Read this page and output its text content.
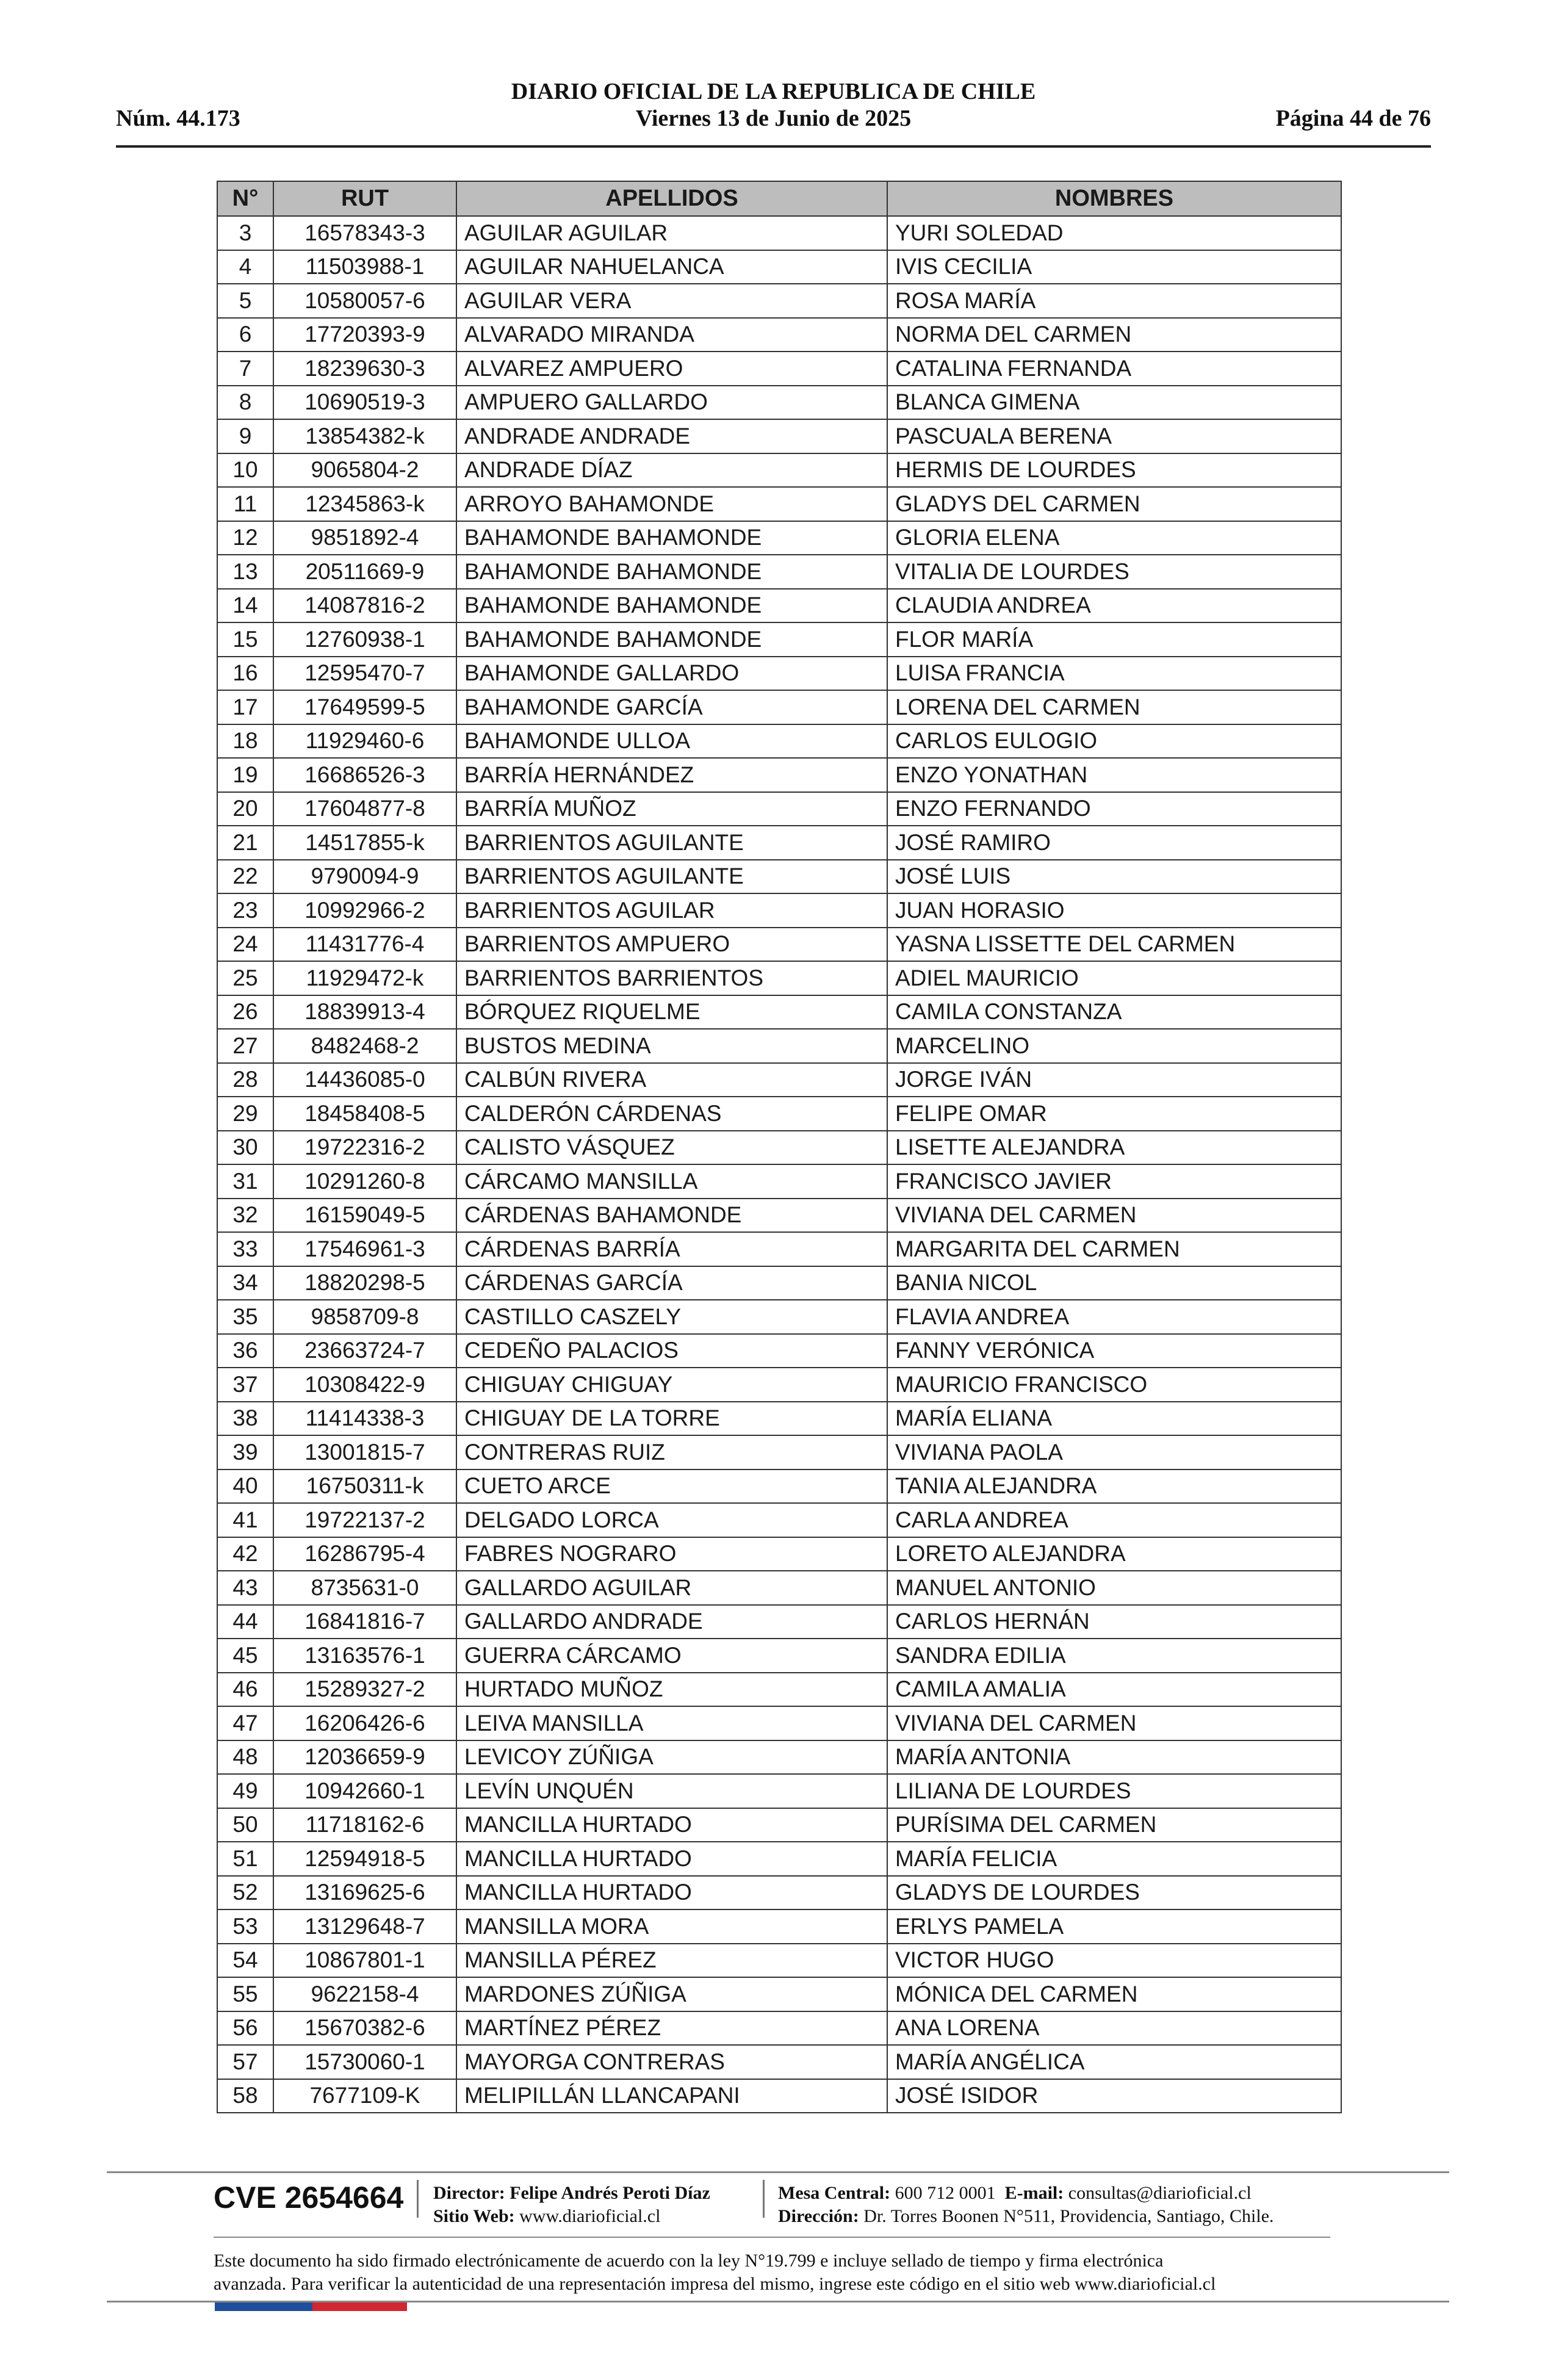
DIARIO OFICIAL DE LA REPUBLICA DE CHILE
Núm. 44.173	Viernes 13 de Junio de 2025	Página 44 de 76
N°	RUT	APELLIDOS	NOMBRES
3	16578343-3	AGUILAR AGUILAR	YURI SOLEDAD
4	11503988-1	AGUILAR NAHUELANCA	IVIS CECILIA
5	10580057-6	AGUILAR VERA	ROSA MARÍA
6	17720393-9	ALVARADO MIRANDA	NORMA DEL CARMEN
7	18239630-3	ALVAREZ AMPUERO	CATALINA FERNANDA
8	10690519-3	AMPUERO GALLARDO	BLANCA GIMENA
9	13854382-k	ANDRADE ANDRADE	PASCUALA BERENA
10	9065804-2	ANDRADE DÍAZ	HERMIS DE LOURDES
11	12345863-k	ARROYO BAHAMONDE	GLADYS DEL CARMEN
12	9851892-4	BAHAMONDE BAHAMONDE	GLORIA ELENA
13	20511669-9	BAHAMONDE BAHAMONDE	VITALIA DE LOURDES
14	14087816-2	BAHAMONDE BAHAMONDE	CLAUDIA ANDREA
15	12760938-1	BAHAMONDE BAHAMONDE	FLOR MARÍA
16	12595470-7	BAHAMONDE GALLARDO	LUISA FRANCIA
17	17649599-5	BAHAMONDE GARCÍA	LORENA DEL CARMEN
18	11929460-6	BAHAMONDE ULLOA	CARLOS EULOGIO
19	16686526-3	BARRÍA HERNÁNDEZ	ENZO YONATHAN
20	17604877-8	BARRÍA MUÑOZ	ENZO FERNANDO
21	14517855-k	BARRIENTOS AGUILANTE	JOSÉ RAMIRO
22	9790094-9	BARRIENTOS AGUILANTE	JOSÉ LUIS
23	10992966-2	BARRIENTOS AGUILAR	JUAN HORASIO
24	11431776-4	BARRIENTOS AMPUERO	YASNA LISSETTE DEL CARMEN
25	11929472-k	BARRIENTOS BARRIENTOS	ADIEL MAURICIO
26	18839913-4	BÓRQUEZ RIQUELME	CAMILA CONSTANZA
27	8482468-2	BUSTOS MEDINA	MARCELINO
28	14436085-0	CALBÚN RIVERA	JORGE IVÁN
29	18458408-5	CALDERÓN CÁRDENAS	FELIPE OMAR
30	19722316-2	CALISTO VÁSQUEZ	LISETTE ALEJANDRA
31	10291260-8	CÁRCAMO MANSILLA	FRANCISCO JAVIER
32	16159049-5	CÁRDENAS BAHAMONDE	VIVIANA DEL CARMEN
33	17546961-3	CÁRDENAS BARRÍA	MARGARITA DEL CARMEN
34	18820298-5	CÁRDENAS GARCÍA	BANIA NICOL
35	9858709-8	CASTILLO CASZELY	FLAVIA ANDREA
36	23663724-7	CEDEÑO PALACIOS	FANNY VERÓNICA
37	10308422-9	CHIGUAY CHIGUAY	MAURICIO FRANCISCO
38	11414338-3	CHIGUAY DE LA TORRE	MARÍA ELIANA
39	13001815-7	CONTRERAS RUIZ	VIVIANA PAOLA
40	16750311-k	CUETO ARCE	TANIA ALEJANDRA
41	19722137-2	DELGADO LORCA	CARLA ANDREA
42	16286795-4	FABRES NOGRARO	LORETO ALEJANDRA
43	8735631-0	GALLARDO AGUILAR	MANUEL ANTONIO
44	16841816-7	GALLARDO ANDRADE	CARLOS HERNÁN
45	13163576-1	GUERRA CÁRCAMO	SANDRA EDILIA
46	15289327-2	HURTADO MUÑOZ	CAMILA AMALIA
47	16206426-6	LEIVA MANSILLA	VIVIANA DEL CARMEN
48	12036659-9	LEVICOY ZÚÑIGA	MARÍA ANTONIA
49	10942660-1	LEVÍN UNQUÉN	LILIANA DE LOURDES
50	11718162-6	MANCILLA HURTADO	PURÍSIMA DEL CARMEN
51	12594918-5	MANCILLA HURTADO	MARÍA FELICIA
52	13169625-6	MANCILLA HURTADO	GLADYS DE LOURDES
53	13129648-7	MANSILLA MORA	ERLYS PAMELA
54	10867801-1	MANSILLA PÉREZ	VICTOR HUGO
55	9622158-4	MARDONES ZÚÑIGA	MÓNICA DEL CARMEN
56	15670382-6	MARTÍNEZ PÉREZ	ANA LORENA
57	15730060-1	MAYORGA CONTRERAS	MARÍA ANGÉLICA
58	7677109-K	MELIPILLÁN LLANCAPANI	JOSÉ ISIDOR
CVE 2654664 Director: Felipe Andrés Peroti Díaz
Sitio Web: www.diarioficial.cl
Mesa Central: 600 712 0001 E-mail: consultas@diarioficial.cl
Dirección: Dr. Torres Boonen N°511, Providencia, Santiago, Chile.
Este documento ha sido firmado electrónicamente de acuerdo con la ley N°19.799 e incluye sellado de tiempo y firma electrónica
avanzada. Para verificar la autenticidad de una representación impresa del mismo, ingrese este código en el sitio web www.diarioficial.cl
